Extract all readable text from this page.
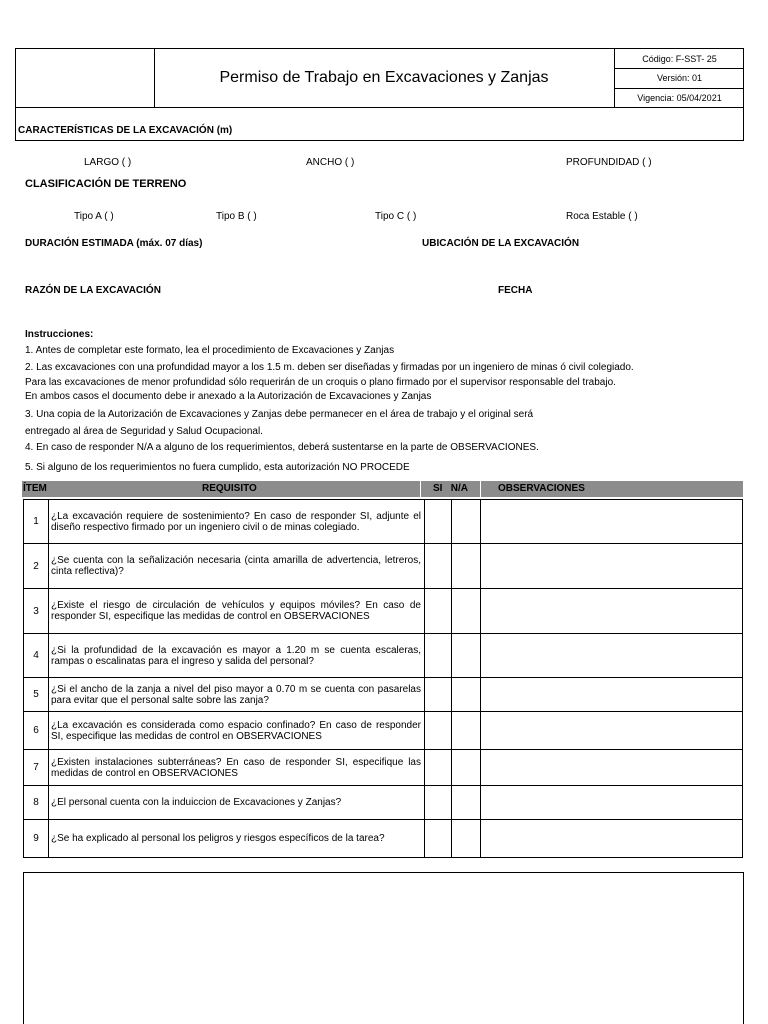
Permiso de Trabajo en Excavaciones y Zanjas
Código: F-SST- 25
Versión: 01
Vigencia: 05/04/2021
CARACTERÍSTICAS DE LA EXCAVACIÓN (m)
LARGO ( )	ANCHO ( )	PROFUNDIDAD ( )
CLASIFICACIÓN DE TERRENO
Tipo A ( )	Tipo B ( )	Tipo C ( )	Roca Estable ( )
DURACIÓN ESTIMADA (máx. 07 días)	UBICACIÓN DE LA EXCAVACIÓN
RAZÓN DE LA EXCAVACIÓN	FECHA
Instrucciones:
1. Antes de completar este formato, lea el procedimiento de Excavaciones y Zanjas
2. Las excavaciones con una profundidad mayor a los 1.5 m. deben ser diseñadas y firmadas por un ingeniero de minas ó civil colegiado.
Para las excavaciones de menor profundidad sólo requerirán de un croquis o plano firmado por el supervisor responsable del trabajo.
En ambos casos el documento debe ir anexado a la Autorización de Excavaciones y Zanjas
3. Una copia de la Autorización de Excavaciones y Zanjas debe permanecer en el área de trabajo y el original será
entregado al área de Seguridad y Salud Ocupacional.
4. En caso de responder N/A a alguno de los requerimientos, deberá sustentarse en la parte de OBSERVACIONES.
5. Si alguno de los requerimientos no fuera cumplido, esta autorización NO PROCEDE
ÍTEM	REQUISITO	SI   N/A	OBSERVACIONES
1	¿La excavación requiere de sostenimiento? En caso de responder SI, adjunte el diseño respectivo firmado por un ingeniero civil o de minas colegiado.
2	¿Se cuenta con la señalización necesaria (cinta amarilla de advertencia, letreros, cinta reflectiva)?
3	¿Existe el riesgo de circulación de vehículos y equipos móviles? En caso de responder SI, especifique las medidas de control en OBSERVACIONES
4	¿Si la profundidad de la excavación es mayor a 1.20 m se cuenta escaleras, rampas o escalinatas para el ingreso y salida del personal?
5	¿Si el ancho de la zanja a nivel del piso mayor a 0.70 m se cuenta con pasarelas para evitar que el personal salte sobre las zanja?
6	¿La excavación es considerada como espacio confinado? En caso de responder SI, especifique las medidas de control en OBSERVACIONES
7	¿Existen instalaciones subterráneas? En caso de responder SI, especifique las medidas de control en OBSERVACIONES
8	¿El personal cuenta con la induiccion de Excavaciones y Zanjas?
9	¿Se ha explicado al personal los peligros y riesgos específicos de la tarea?
